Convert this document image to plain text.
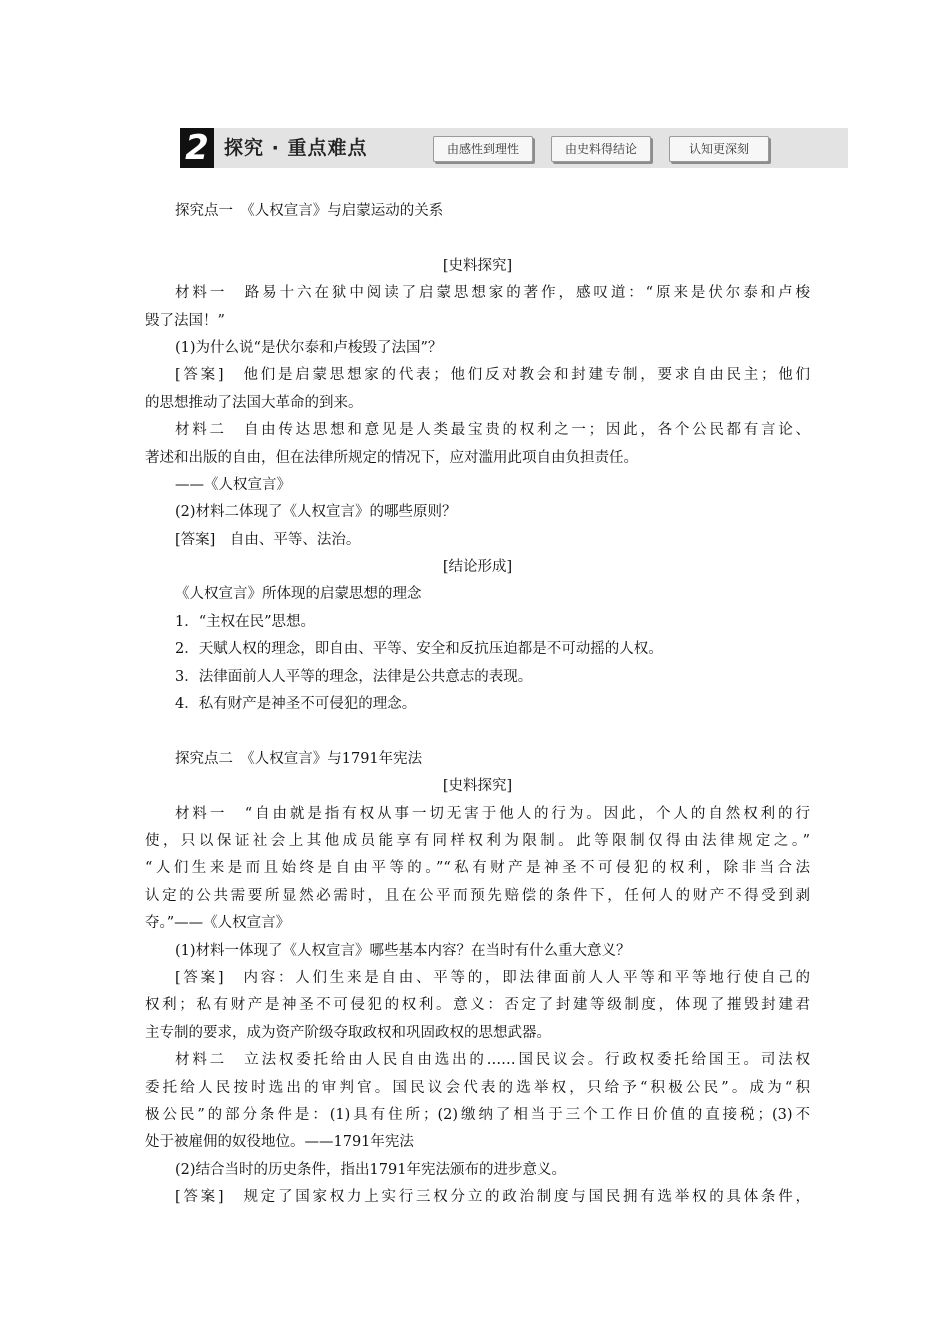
2 探究 · 重点难点	由感性到理性	由史料得结论	认知更深刻
探究点一　《人权宣言》与启蒙运动的关系
[史料探究]
材料一　路易十六在狱中阅读了启蒙思想家的著作，感叹道：“原来是伏尔泰和卢梭
毁了法国！”
(1)为什么说“是伏尔泰和卢梭毁了法国”？
[答案]　他们是启蒙思想家的代表；他们反对教会和封建专制，要求自由民主；他们
的思想推动了法国大革命的到来。
材料二　自由传达思想和意见是人类最宝贵的权利之一；因此，各个公民都有言论、
著述和出版的自由，但在法律所规定的情况下，应对滥用此项自由负担责任。
——《人权宣言》
(2)材料二体现了《人权宣言》的哪些原则？
[答案]　自由、平等、法治。
[结论形成]
《人权宣言》所体现的启蒙思想的理念
1．“主权在民”思想。
2．天赋人权的理念，即自由、平等、安全和反抗压迫都是不可动摇的人权。
3．法律面前人人平等的理念，法律是公共意志的表现。
4．私有财产是神圣不可侵犯的理念。
探究点二　《人权宣言》与1791年宪法
[史料探究]
材料一　“自由就是指有权从事一切无害于他人的行为。因此，个人的自然权利的行
使，只以保证社会上其他成员能享有同样权利为限制。此等限制仅得由法律规定之。”
“人们生来是而且始终是自由平等的。”“私有财产是神圣不可侵犯的权利，除非当合法
认定的公共需要所显然必需时，且在公平而预先赔偿的条件下，任何人的财产不得受到剥
夺。”——《人权宣言》
(1)材料一体现了《人权宣言》哪些基本内容？在当时有什么重大意义？
[答案]　内容：人们生来是自由、平等的，即法律面前人人平等和平等地行使自己的
权利；私有财产是神圣不可侵犯的权利。意义：否定了封建等级制度，体现了摧毁封建君
主专制的要求，成为资产阶级夺取政权和巩固政权的思想武器。
材料二　立法权委托给由人民自由选出的……国民议会。行政权委托给国王。司法权
委托给人民按时选出的审判官。国民议会代表的选举权，只给予“积极公民”。成为“积
极公民”的部分条件是：(1)具有住所；(2)缴纳了相当于三个工作日价值的直接税；(3)不
处于被雇佣的奴役地位。——1791年宪法
(2)结合当时的历史条件，指出1791年宪法颁布的进步意义。
[答案]　规定了国家权力上实行三权分立的政治制度与国民拥有选举权的具体条件，
